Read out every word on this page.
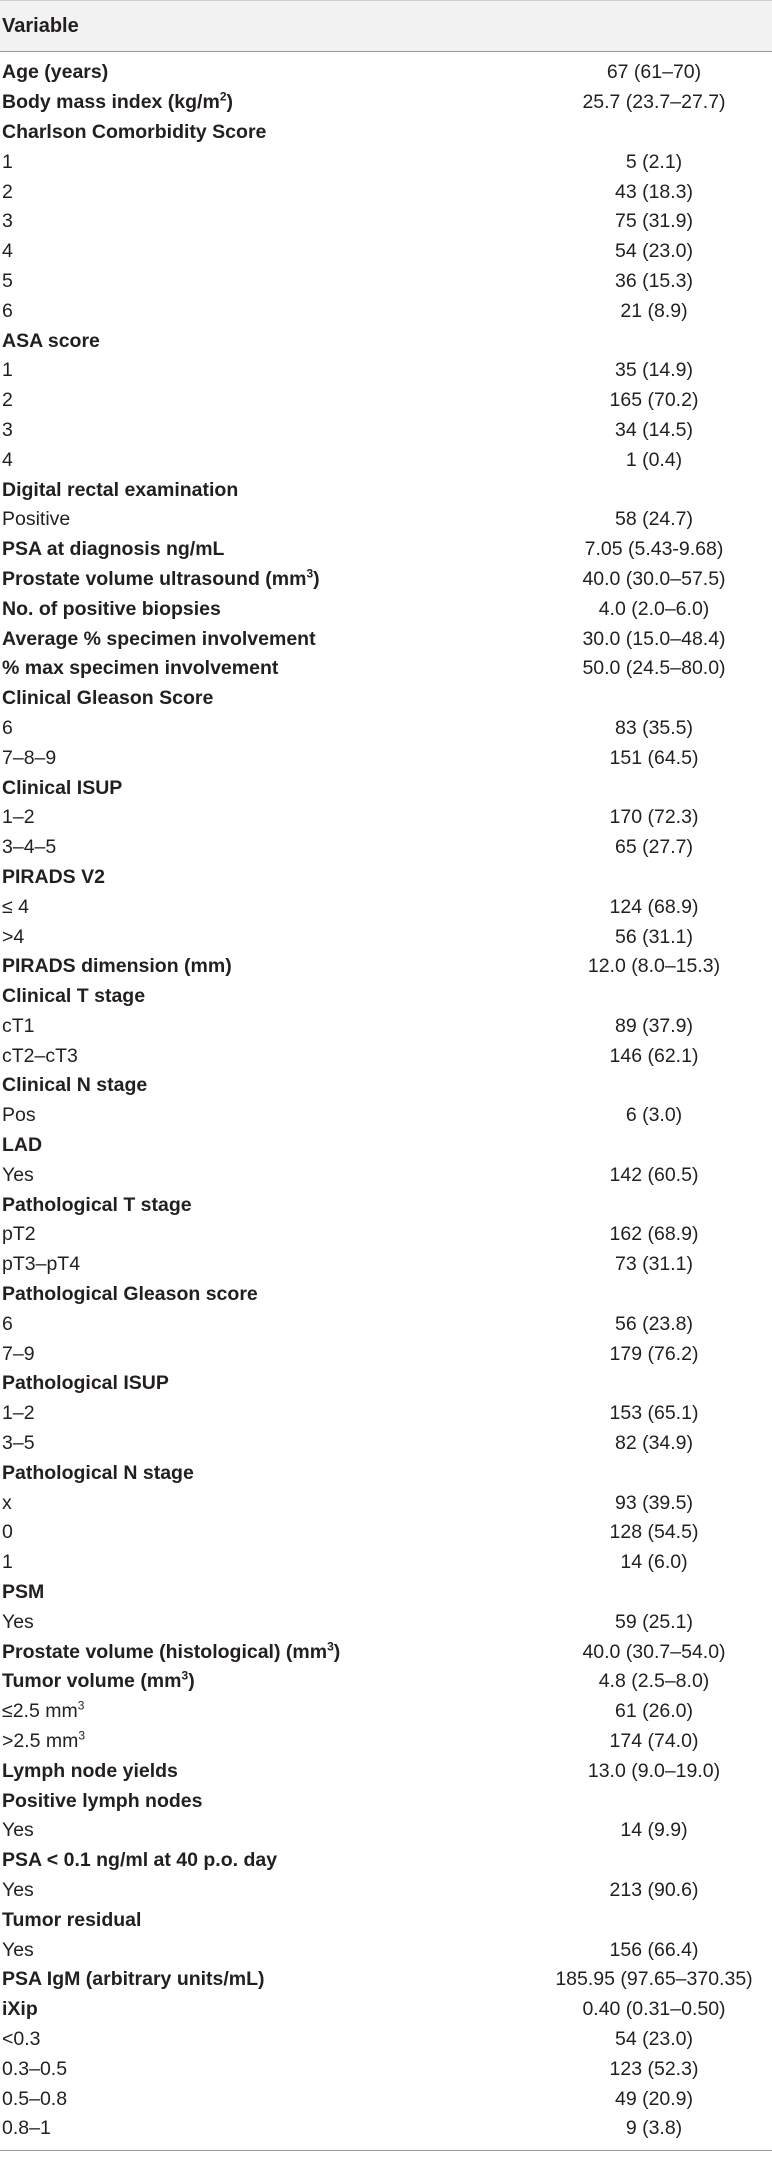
Variable
Age (years)	67 (61–70)
Body mass index $(kg/m^2)$	25.7 (23.7–27.7)
Charlson Comorbidity Score
1	5 (2.1)
2	43 (18.3)
3	75 (31.9)
4	54 (23.0)
5	36 (15.3)
6	21 (8.9)
ASA score
1	35 (14.9)
2	165 (70.2)
3	34 (14.5)
4	1 (0.4)
Digital rectal examination
Positive	58 (24.7)
PSA at diagnosis ng/mL	7.05 (5.43-9.68)
Prostate volume ultrasound $(mm^3)$	40.0 (30.0–57.5)
No. of positive biopsies	4.0 (2.0–6.0)
Average % specimen involvement	30.0 (15.0–48.4)
% max specimen involvement	50.0 (24.5–80.0)
Clinical Gleason Score
6	83 (35.5)
7–8–9	151 (64.5)
Clinical ISUP
1–2	170 (72.3)
3–4–5	65 (27.7)
PIRADS V2
≤ 4	124 (68.9)
>4	56 (31.1)
PIRADS dimension (mm)	12.0 (8.0–15.3)
Clinical T stage
cT1	89 (37.9)
cT2–cT3	146 (62.1)
Clinical N stage
Pos	6 (3.0)
LAD
Yes	142 (60.5)
Pathological T stage
pT2	162 (68.9)
pT3–pT4	73 (31.1)
Pathological Gleason score
6	56 (23.8)
7–9	179 (76.2)
Pathological ISUP
1–2	153 (65.1)
3–5	82 (34.9)
Pathological N stage
x	93 (39.5)
0	128 (54.5)
1	14 (6.0)
PSM
Yes	59 (25.1)
Prostate volume (histological) $(mm^3)$	40.0 (30.7–54.0)
Tumor volume $(mm^3)$	4.8 (2.5–8.0)
≤2.5 $mm^3$	61 (26.0)
>2.5 $mm^3$	174 (74.0)
Lymph node yields	13.0 (9.0–19.0)
Positive lymph nodes
Yes	14 (9.9)
PSA < 0.1 ng/ml at 40 p.o. day
Yes	213 (90.6)
Tumor residual
Yes	156 (66.4)
PSA IgM (arbitrary units/mL)	185.95 (97.65–370.35)
iXip	0.40 (0.31–0.50)
<0.3	54 (23.0)
0.3–0.5	123 (52.3)
0.5–0.8	49 (20.9)
0.8–1	9 (3.8)
